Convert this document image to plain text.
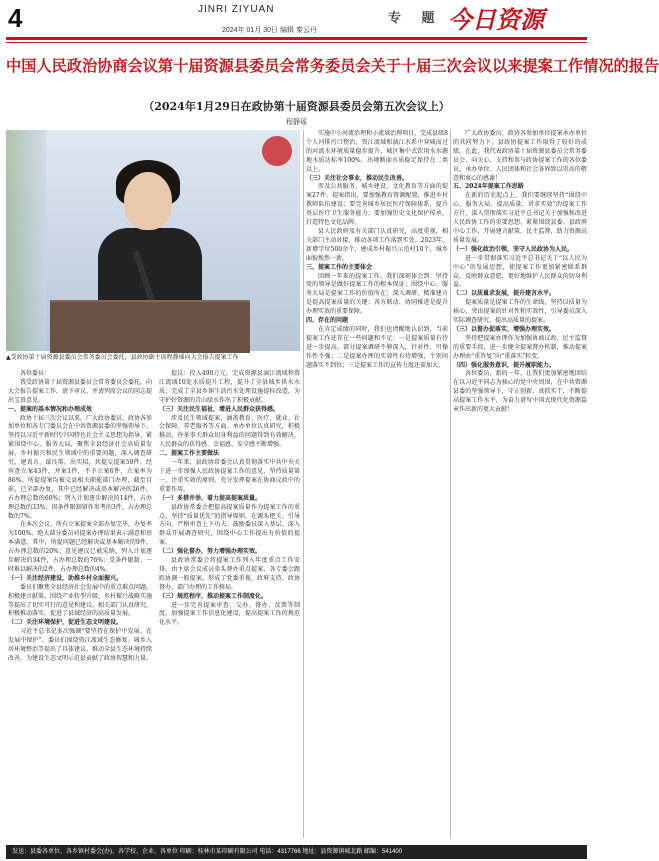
4	JINRI ZIYUAN
专 题 今日资源
2024年 01月 30日 编辑 秦云丹
中国人民政治协商会议第十届资源县委员会常务委员会关于十届三次会议以来提案工作情况的报告
（2024年1月29日在政协第十届资源县委员会第五次会议上）
程静瑶
▲受政协第十届资源县委员会常务委员会委托，县政协副主席程静瑶向大会报告提案工作

各位委员：

我受政协第十届资源县委员会常务委员会委托，向大会报告提案工作，请予审议，并请列席会议的同志提出宝贵意见。

一、提案的基本情况和办理成效

政协十届三次会议以来，广大政协委员、政协各参加单位和各专门委员会在中共资源县委的坚强领导下，坚持以习近平新时代中国特色社会主义思想为指导，紧紧围绕中心、服务大局，聚焦全县经济社会高质量发展、乡村振兴和民生领域中的重要问题，深入调查研究，建真言、谋良策、出实招，共提交提案50件。经审查立案43件，并案1件，不予立案6件，立案率为86%。所提提案均被交县相关职能部门办理，截至目前，已全部办复，其中已经解决或基本解决的26件，占办理总数的60%；列入计划逐步解决的14件，占办理总数的33%；因条件限制留作参考的3件，占办理总数的7%。

在本次会议，所有立案提案全部办复完毕，办复率为100%，绝大部分委员对提案办理结果表示满意和基本满意。其中，所提问题已经解决或基本解决的9件，占办理总数的20%；意见建议已被采纳、列入计划逐步解决的34件，占办理总数的76%；受条件限制、一时难以解决的2件，占办理总数的4%。

（一）关注经济建设，助推乡村全面振兴。

委员们聚焦全县经济社会发展中的重点难点问题，积极建言献策。围绕产业转型升级、乡村振兴战略实施等提出了切实可行的意见和建议。相关部门认真研究，积极推动落实，促进了县域经济的高质量发展。

（二）关注环境保护，促进生态文明建设。

习近平总书记多次强调“要坚持在保护中发展、在发展中保护”。委员们围绕资江流域生态修复、城乡人居环境整治等提出了具体建议，推动全县生态环境持续改善，为建设生态文明示范县贡献了政协智慧和力量。

提议：投入490万元，完成资源县漓江流域和资江流域10处水质提升工程，提升了全县城乡供水水质；完成了全县乡镇生活污水处理设施提标改造，为守护好资源的青山绿水作出了积极贡献。

（三）关注民生福祉，增进人民群众获得感。

涉及民生领域提案，涵盖教育、医疗、就业、社会保障、养老服务等方面。承办单位认真研究，积极推动，许多事关群众切身利益的问题得到有效解决，人民群众的获得感、幸福感、安全感不断增强。

二、提案工作主要做法

一年来，县政协常委会认真贯彻落实中共中央关于进一步加强人民政协提案工作的意见，坚持质量第一、注重实效的原则，充分发挥提案在协商议政中的重要作用。

（一）多措并举，着力提高提案质量。

县政协常委会把提高提案质量作为提案工作的重点，坚持“质量优先”的指导原则，在源头把关、引导方向、严格审查上下功夫。鼓励委员深入基层、深入群众开展调查研究，围绕中心工作提出有价值的提案。

（二）强化督办，努力增强办理实效。

县政协常委会将提案工作列入年度重点工作安排，由主席会议成员牵头督办重点提案，各专委会跟踪协调一般提案，形成了党委重视、政府支持、政协督办、部门办理的工作格局。

（三）规范程序，推动提案工作制度化。

进一步完善提案审查、交办、督办、反馈等制度，加强提案工作信息化建设，提高提案工作的规范化水平。

实施中小河流治理和小流域治理项目，完成县级8个人河排污口整治，资江流域和漓江水系中穿城而过的河流水环境质量稳步提升，城区集中式饮用水水源地水质达标率100%，出境断面水质稳定保持在二类以上。

（三）关注社会事业，推动民生改善。

涉及公共服务、城乡建设、文化教育等方面的提案27件。提案指出，要加强教育资源配置，推进乡村教师队伍建设；要完善城乡居民医疗保障体系，提升基层医疗卫生服务能力；要加强历史文化保护传承，打造特色文化品牌。

县人民政府及有关部门认真研究，高度重视，相关部门主动对接，推动各项工作落到实处。2023年，新增学位500余个，建成乡村振兴示范村10个，城乡面貌焕然一新。

三、提案工作的主要体会

回顾一年来的提案工作，我们深刻体会到：坚持党的领导是做好提案工作的根本保证；围绕中心、服务大局是提案工作的价值所在；深入调研、精准建言是提高提案质量的关键；各方联动、协同推进是提升办理实效的重要保障。

四、存在的问题

在肯定成绩的同时，我们也清醒地认识到，当前提案工作还存在一些问题和不足：一是提案质量有待进一步提高，部分提案调研不够深入，针对性、可操作性不强；二是提案办理的实效性有待增强，个别问题落实不到位；三是提案工作的宣传力度还需加大。

广大政协委员、政协各参加单位提案承办单位的共同努力下，县政协提案工作取得了较好的成绩。在此，我代表政协第十届资源县委员会常务委员会，向关心、支持和参与政协提案工作的各位委员、承办单位、人民团体和社会各界致以崇高的敬意和衷心的感谢！

五、2024年提案工作思路

在新的历史起点上，我们要继续坚持“围绕中心、服务大局、提高质量、讲求实效”的提案工作方针，深入贯彻落实习近平总书记关于加强和改进人民政协工作的重要思想，紧紧围绕县委、县政府中心工作，开展建言献策、民主监督，助力资源高质量发展。

（一）强化政治引领，坚守人民政协为人民。

进一步贯彻落实习近平总书记关于“以人民为中心”的发展思想，使提案工作更加紧密联系群众、反映群众意愿，更好地维护人民群众的切身利益。

（二）以质量求发展，提升建言水平。

提案质量是提案工作的生命线。坚持以质量为核心，突出提案的针对性和实效性，引导委员深入实际调查研究，提出高质量的提案。

（三）以督办促落实，增强办理实效。

坚持把提案办理作为加强协商议政、民主监督的重要手段，进一步健全提案督办机制，推动提案办理由“重答复”向“重落实”转变。

（四）强化服务意识，提升履职能力。

各位委员，新的一年，让我们更加紧密地团结在以习近平同志为核心的党中央周围，在中共资源县委的坚强领导下，守正创新、真抓实干，不断提高提案工作水平，为奋力谱写中国式现代化资源篇章作出新的更大贡献！

发送：县委各单位、各乡镇村委会(办)、各学校、企业、各单位 印刷：桂林市某印刷有限公司 电话：4317766 地址：县资源镇城北路 邮编：541400
